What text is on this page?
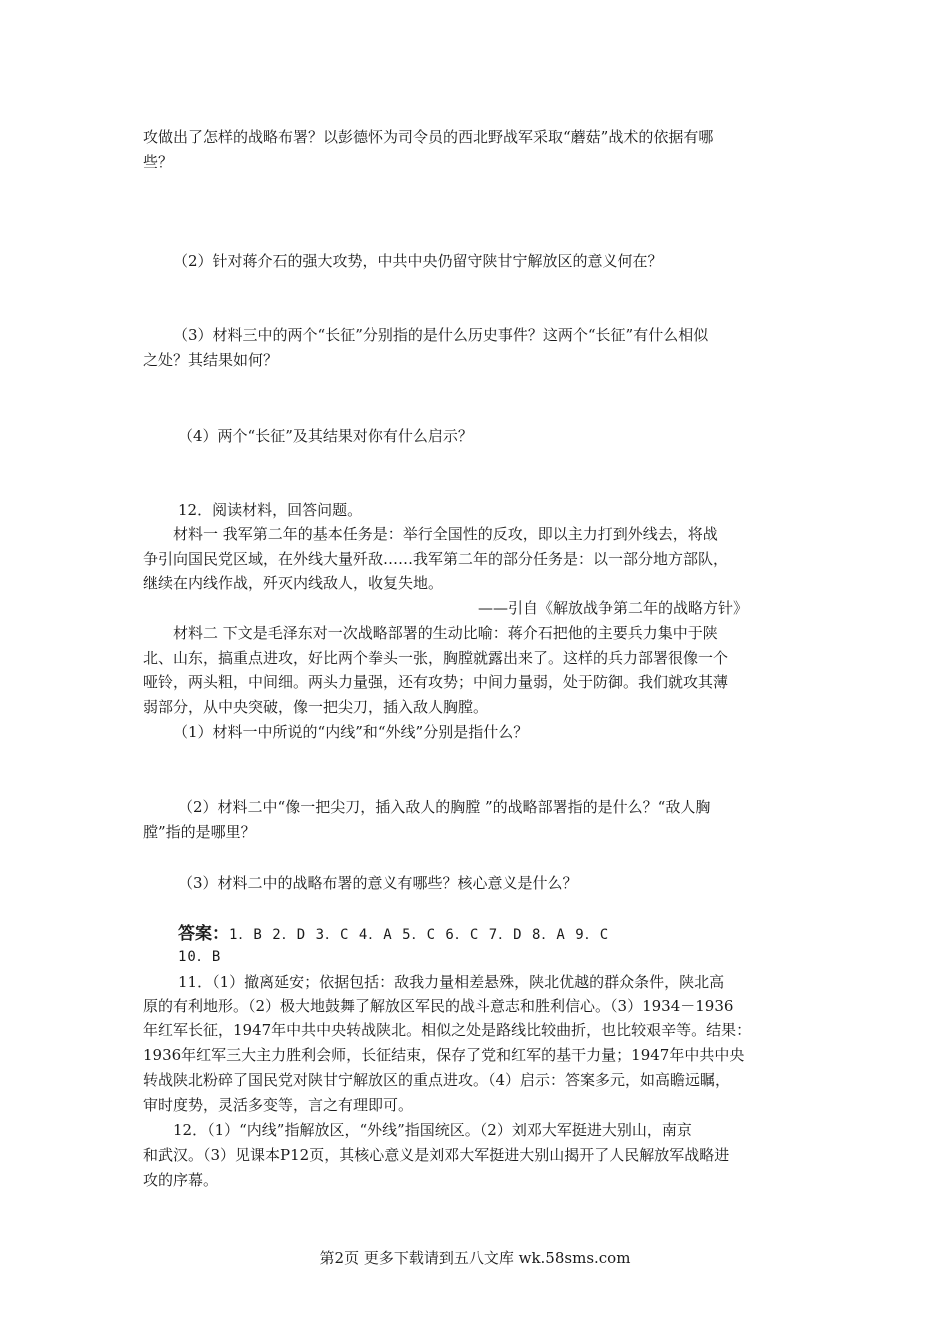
攻做出了怎样的战略布署？以彭德怀为司令员的西北野战军采取“蘑菇”战术的依据有哪
些？
（2）针对蒋介石的强大攻势，中共中央仍留守陕甘宁解放区的意义何在？
（3）材料三中的两个“长征”分别指的是什么历史事件？这两个“长征”有什么相似
之处？其结果如何？
（4）两个“长征”及其结果对你有什么启示？
12．阅读材料，回答问题。
材料一 我军第二年的基本任务是：举行全国性的反攻，即以主力打到外线去，将战
争引向国民党区域，在外线大量歼敌……我军第二年的部分任务是：以一部分地方部队，
继续在内线作战，歼灭内线敌人，收复失地。
——引自《解放战争第二年的战略方针》
材料二 下文是毛泽东对一次战略部署的生动比喻：蒋介石把他的主要兵力集中于陕
北、山东，搞重点进攻，好比两个拳头一张，胸膛就露出来了。这样的兵力部署很像一个
哑铃，两头粗，中间细。两头力量强，还有攻势；中间力量弱，处于防御。我们就攻其薄
弱部分，从中央突破，像一把尖刀，插入敌人胸膛。
（1）材料一中所说的“内线”和“外线”分别是指什么？
（2）材料二中“像一把尖刀，插入敌人的胸膛 ”的战略部署指的是什么？“敌人胸
膛”指的是哪里？
（3）材料二中的战略布署的意义有哪些？核心意义是什么？
答案：1．B 2．D 3．C 4．A 5．C 6．C 7．D 8．A 9．C
10．B
11．（1）撤离延安；依据包括：敌我力量相差悬殊，陕北优越的群众条件，陕北高
原的有利地形。（2）极大地鼓舞了解放区军民的战斗意志和胜利信心。（3）1934－1936
年红军长征，1947年中共中央转战陕北。相似之处是路线比较曲折，也比较艰辛等。结果：
1936年红军三大主力胜利会师，长征结束，保存了党和红军的基干力量；1947年中共中央
转战陕北粉碎了国民党对陕甘宁解放区的重点进攻。（4）启示：答案多元，如高瞻远瞩，
审时度势，灵活多变等，言之有理即可。
12．（1）“内线”指解放区，“外线”指国统区。（2）刘邓大军挺进大别山，南京
和武汉。（3）见课本P12页，其核心意义是刘邓大军挺进大别山揭开了人民解放军战略进
攻的序幕。
第2页 更多下载请到五八文库 wk.58sms.com
